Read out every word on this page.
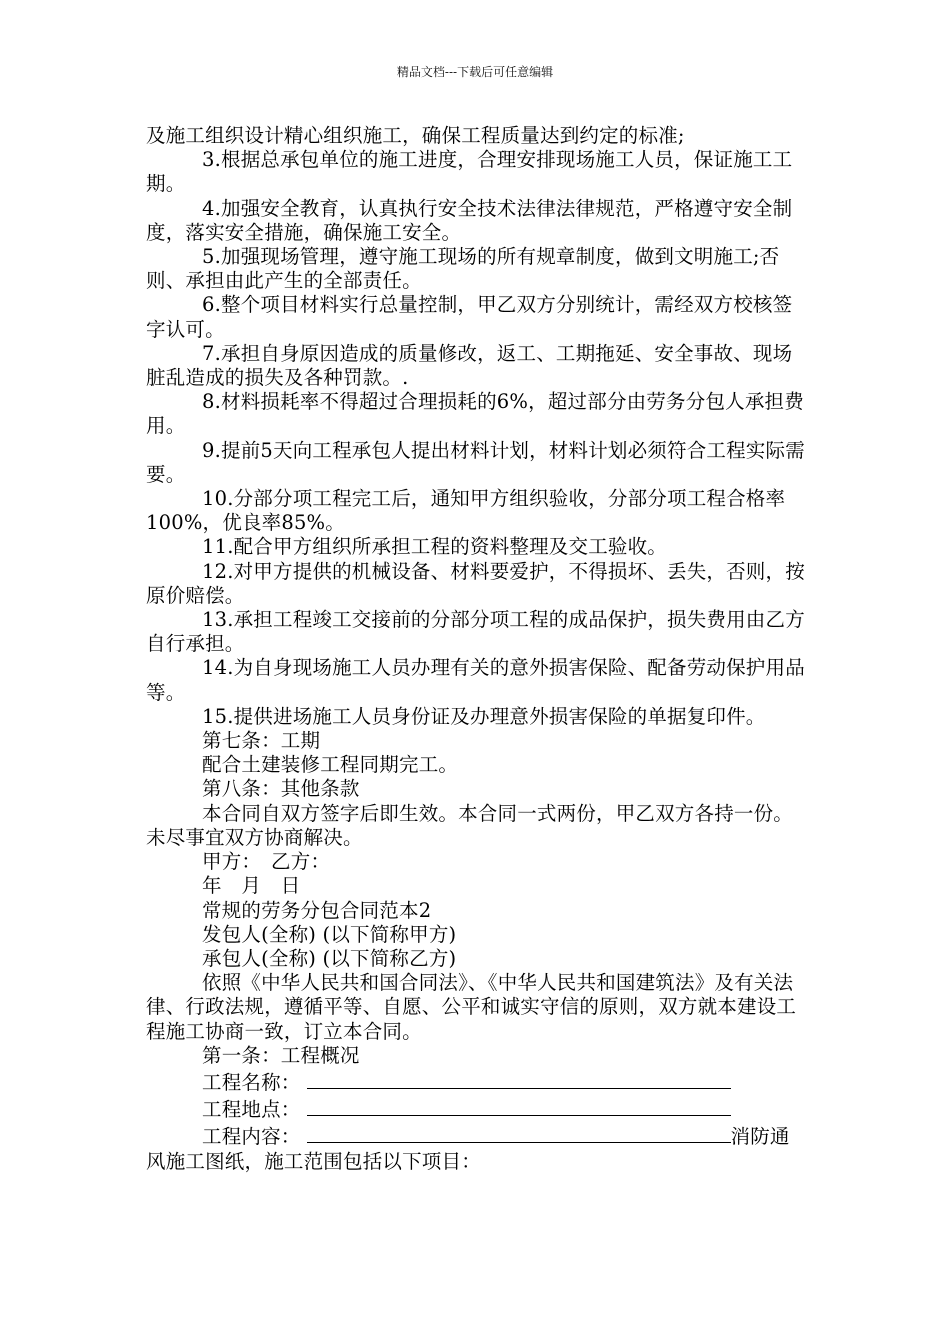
精品文档---下载后可任意编辑

及施工组织设计精心组织施工，确保工程质量达到约定的标准;

3.根据总承包单位的施工进度，合理安排现场施工人员，保证施工工期。

4.加强安全教育，认真执行安全技术法律法律规范，严格遵守安全制度，落实安全措施，确保施工安全。

5.加强现场管理，遵守施工现场的所有规章制度，做到文明施工;否则、承担由此产生的全部责任。

6.整个项目材料实行总量控制，甲乙双方分别统计，需经双方校核签字认可。

7.承担自身原因造成的质量修改，返工、工期拖延、安全事故、现场脏乱造成的损失及各种罚款。.

8.材料损耗率不得超过合理损耗的6%，超过部分由劳务分包人承担费用。

9.提前5天向工程承包人提出材料计划，材料计划必须符合工程实际需要。

10.分部分项工程完工后，通知甲方组织验收，分部分项工程合格率100%，优良率85%。

11.配合甲方组织所承担工程的资料整理及交工验收。

12.对甲方提供的机械设备、材料要爱护，不得损坏、丢失，否则，按原价赔偿。

13.承担工程竣工交接前的分部分项工程的成品保护，损失费用由乙方自行承担。

14.为自身现场施工人员办理有关的意外损害保险、配备劳动保护用品等。

15.提供进场施工人员身份证及办理意外损害保险的单据复印件。

第七条：工期

配合土建装修工程同期完工。

第八条：其他条款

本合同自双方签字后即生效。本合同一式两份，甲乙双方各持一份。未尽事宜双方协商解决。

甲方：　乙方：

年　月　日

常规的劳务分包合同范本2

发包人(全称) (以下简称甲方)

承包人(全称) (以下简称乙方)

依照《中华人民共和国合同法》、《中华人民共和国建筑法》及有关法律、行政法规，遵循平等、自愿、公平和诚实守信的原则，双方就本建设工程施工协商一致，订立本合同。

第一条：工程概况

工程名称：

工程地点：

工程内容：	消防通

风施工图纸，施工范围包括以下项目：
